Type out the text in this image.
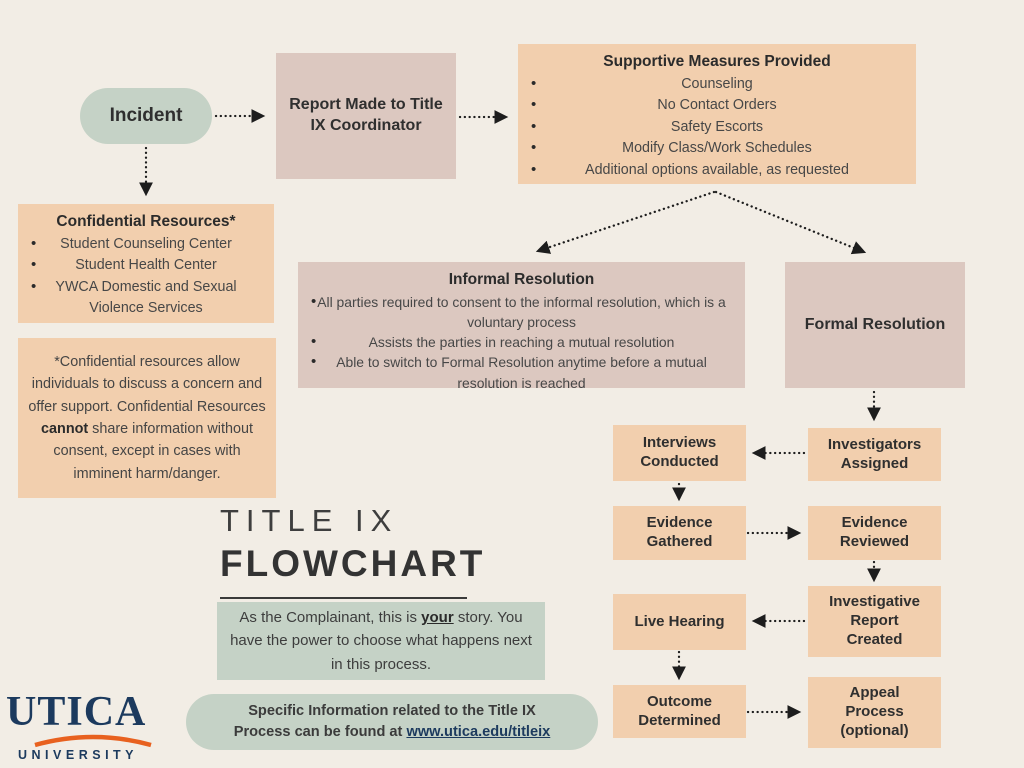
Incident
Report Made to Title IX Coordinator
Supportive Measures Provided
•	Counseling
•	No Contact Orders
•	Safety Escorts
•	Modify Class/Work Schedules
•	Additional options available, as requested
Confidential Resources*
•	Student Counseling Center
•	Student Health Center
•	YWCA Domestic and Sexual Violence Services
*Confidential resources allow individuals to discuss a concern and offer support. Confidential Resources cannot share information without consent, except in cases with imminent harm/danger.
Informal Resolution
• All parties required to consent to the informal resolution, which is a voluntary process
•	Assists the parties in reaching a mutual resolution
•	Able to switch to Formal Resolution anytime before a mutual resolution is reached
Formal Resolution
Interviews Conducted
Investigators Assigned
Evidence Gathered
Evidence Reviewed
Investigative Report Created
Live Hearing
Outcome Determined
Appeal Process (optional)
TITLE IX
FLOWCHART
As the Complainant, this is your story. You have the power to choose what happens next in this process.
Specific Information related to the Title IX
Process can be found at www.utica.edu/titleix
UTICA
UNIVERSITY
